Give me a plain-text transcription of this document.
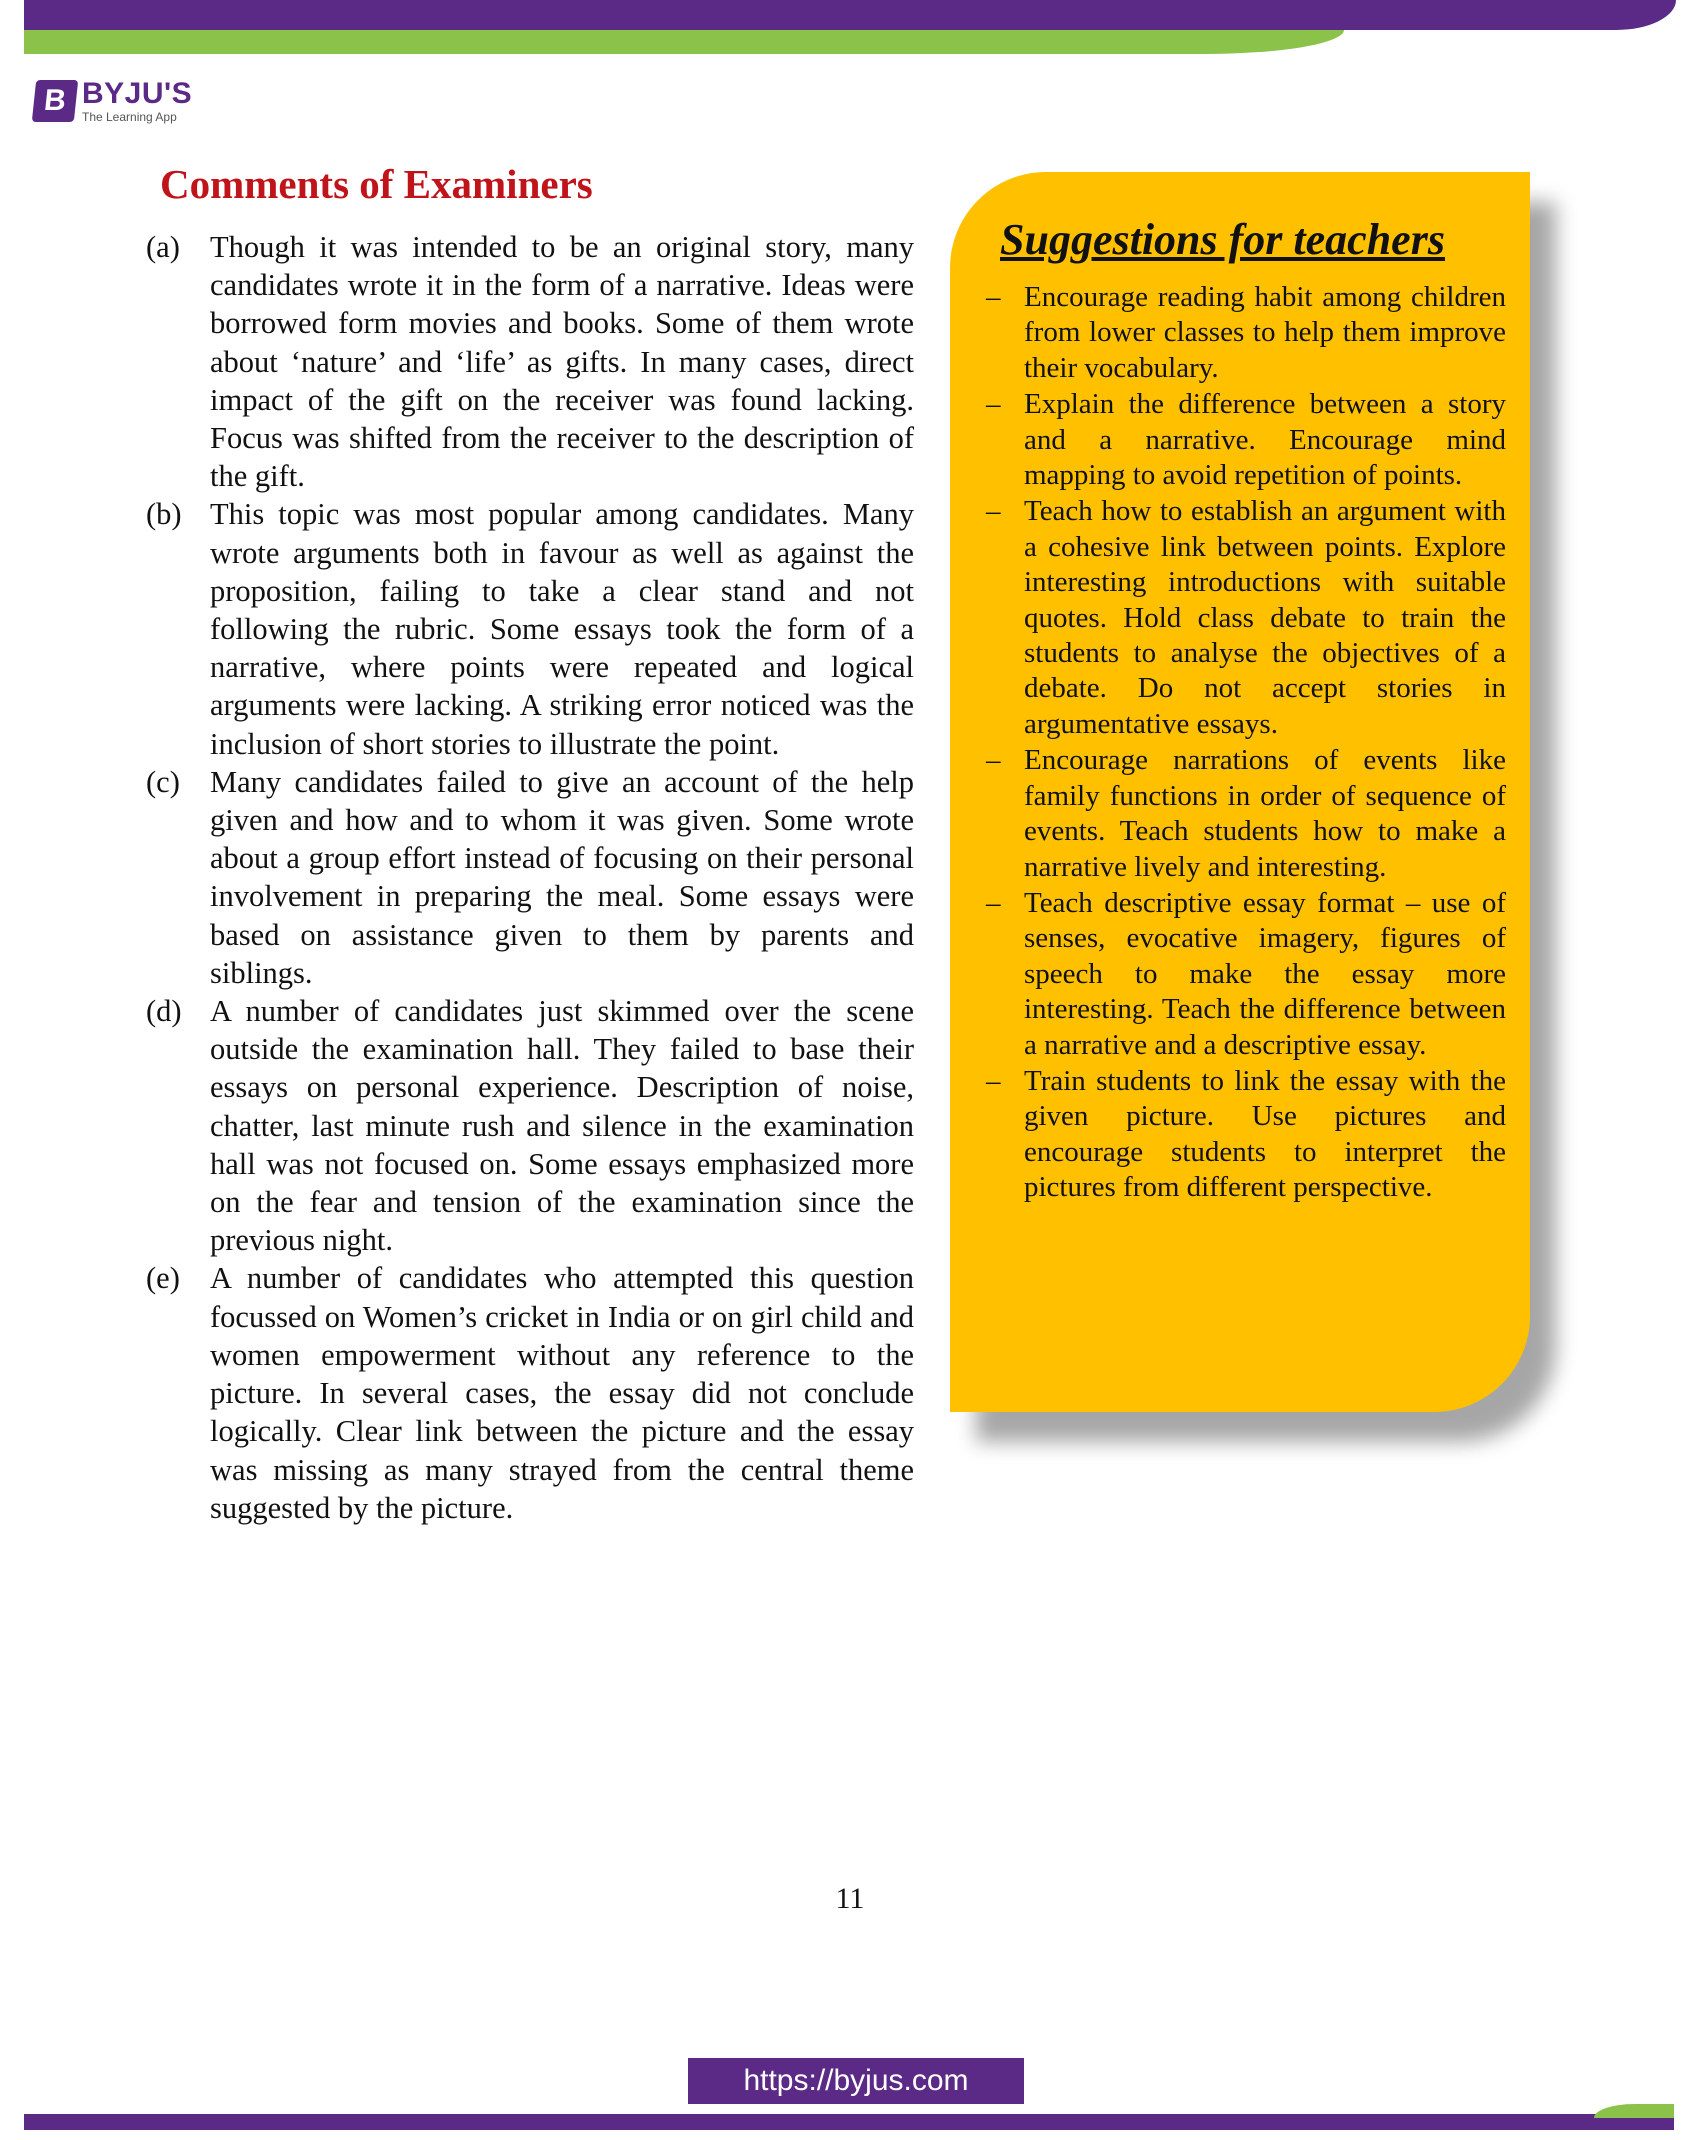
B BYJU'S
The Learning App
Comments of Examiners
(a) Though it was intended to be an original story, many candidates wrote it in the form of a narrative. Ideas were borrowed form movies and books. Some of them wrote about ‘nature’ and ‘life’ as gifts. In many cases, direct impact of the gift on the receiver was found lacking. Focus was shifted from the receiver to the description of the gift.
(b) This topic was most popular among candidates. Many wrote arguments both in favour as well as against the proposition, failing to take a clear stand and not following the rubric. Some essays took the form of a narrative, where points were repeated and logical arguments were lacking. A striking error noticed was the inclusion of short stories to illustrate the point.
(c) Many candidates failed to give an account of the help given and how and to whom it was given. Some wrote about a group effort instead of focusing on their personal involvement in preparing the meal. Some essays were based on assistance given to them by parents and siblings.
(d) A number of candidates just skimmed over the scene outside the examination hall. They failed to base their essays on personal experience. Description of noise, chatter, last minute rush and silence in the examination hall was not focused on. Some essays emphasized more on the fear and tension of the examination since the previous night.
(e) A number of candidates who attempted this question focussed on Women’s cricket in India or on girl child and women empowerment without any reference to the picture. In several cases, the essay did not conclude logically. Clear link between the picture and the essay was missing as many strayed from the central theme suggested by the picture.
Suggestions for teachers
– Encourage reading habit among children from lower classes to help them improve their vocabulary.
– Explain the difference between a story and a narrative. Encourage mind mapping to avoid repetition of points.
– Teach how to establish an argument with a cohesive link between points. Explore interesting introductions with suitable quotes. Hold class debate to train the students to analyse the objectives of a debate. Do not accept stories in argumentative essays.
– Encourage narrations of events like family functions in order of sequence of events. Teach students how to make a narrative lively and interesting.
– Teach descriptive essay format – use of senses, evocative imagery, figures of speech to make the essay more interesting. Teach the difference between a narrative and a descriptive essay.
– Train students to link the essay with the given picture. Use pictures and encourage students to interpret the pictures from different perspective.
11
https://byjus.com
